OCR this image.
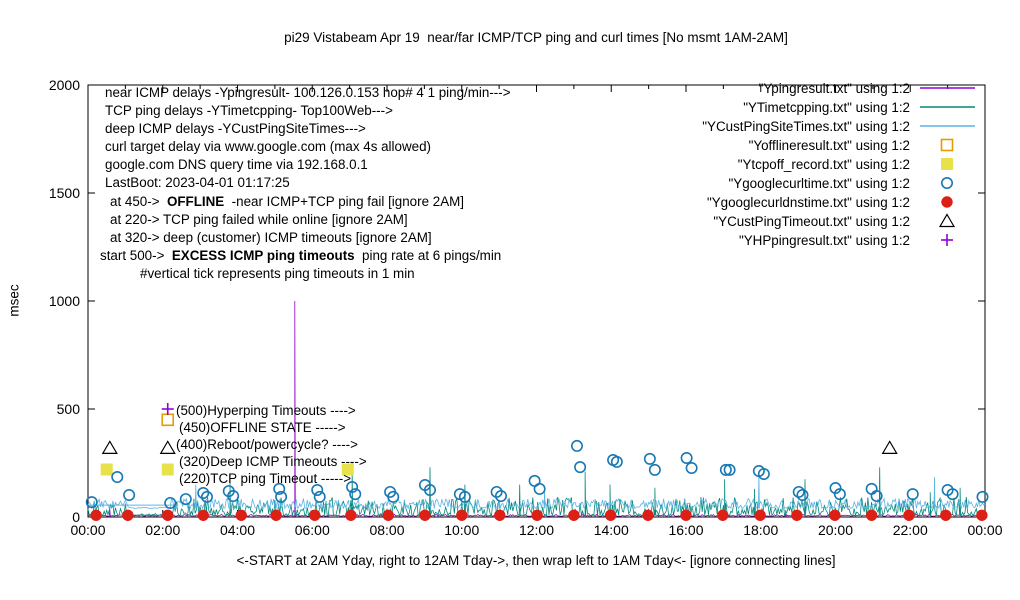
pi29 Vistabeam Apr 19  near/far ICMP/TCP ping and curl times [No msmt 1AM-2AM]
msec
<-START at 2AM Yday, right to 12AM Tday->, then wrap left to 1AM Tday<- [ignore connecting lines]
near ICMP delays -Ypingresult- 100.126.0.153 hop# 4 1 ping/min--->
TCP ping delays -YTimetcpping- Top100Web--->
deep ICMP delays -YCustPingSiteTimes--->
curl target delay via www.google.com (max 4s allowed)
google.com DNS query time via 192.168.0.1
LastBoot: 2023-04-01 01:17:25
at 450->  OFFLINE  -near ICMP+TCP ping fail [ignore 2AM]
at 220-> TCP ping failed while online [ignore 2AM]
at 320-> deep (customer) ICMP timeouts [ignore 2AM]
start 500->  EXCESS ICMP ping timeouts  ping rate at 6 pings/min
#vertical tick represents ping timeouts in 1 min
(500)Hyperping Timeouts ---->
(450)OFFLINE STATE ----->
(400)Reboot/powercycle? ---->
(320)Deep ICMP Timeouts ---->
(220)TCP ping Timeout ----->
"Ypingresult.txt" using 1:2
"YTimetcpping.txt" using 1:2
"YCustPingSiteTimes.txt" using 1:2
"Yofflineresult.txt" using 1:2
"Ytcpoff_record.txt" using 1:2
"Ygooglecurltime.txt" using 1:2
"Ygooglecurldnstime.txt" using 1:2
"YCustPingTimeout.txt" using 1:2
"YHPpingresult.txt" using 1:2
00:00	02:00	04:00	06:00	08:00	10:00	12:00	14:00	16:00	18:00	20:00	22:00	00:00
0
500
1000
1500
2000
